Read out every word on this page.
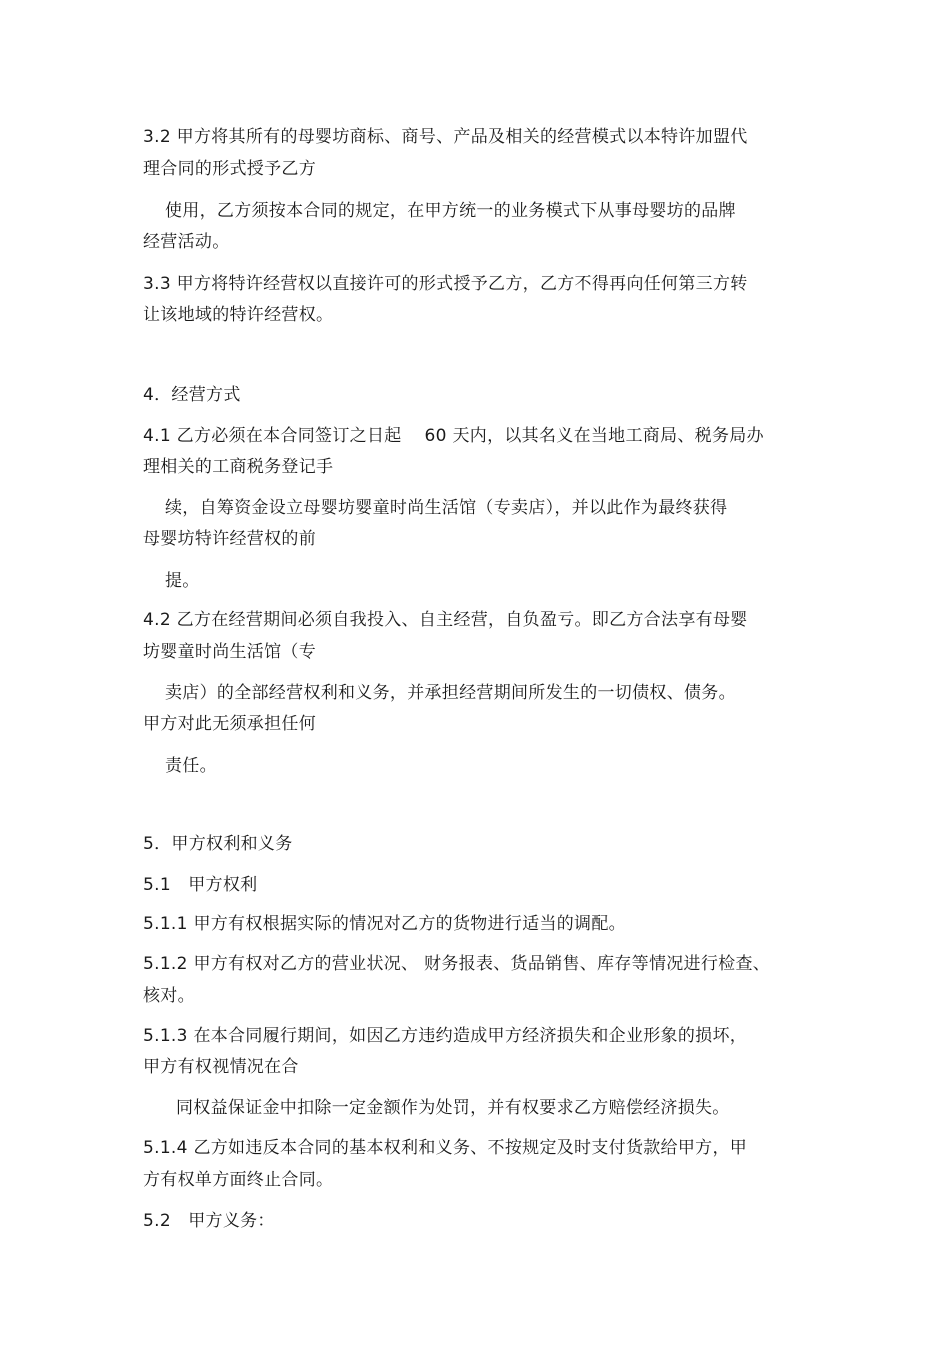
3.2 甲方将其所有的母婴坊商标、商号、产品及相关的经营模式以本特许加盟代
理合同的形式授予乙方
使用，乙方须按本合同的规定，在甲方统一的业务模式下从事母婴坊的品牌
经营活动。
3.3 甲方将特许经营权以直接许可的形式授予乙方，乙方不得再向任何第三方转
让该地域的特许经营权。
4．经营方式
4.1 乙方必须在本合同签订之日起　 60 天内，以其名义在当地工商局、税务局办
理相关的工商税务登记手
续，自筹资金设立母婴坊婴童时尚生活馆（专卖店），并以此作为最终获得
母婴坊特许经营权的前
提。
4.2 乙方在经营期间必须自我投入、自主经营，自负盈亏。即乙方合法享有母婴
坊婴童时尚生活馆（专
卖店）的全部经营权利和义务，并承担经营期间所发生的一切债权、债务。
甲方对此无须承担任何
责任。
5．甲方权利和义务
5.1　甲方权利
5.1.1 甲方有权根据实际的情况对乙方的货物进行适当的调配。
5.1.2 甲方有权对乙方的营业状况、 财务报表、货品销售、库存等情况进行检查、
核对。
5.1.3 在本合同履行期间，如因乙方违约造成甲方经济损失和企业形象的损坏，
甲方有权视情况在合
同权益保证金中扣除一定金额作为处罚，并有权要求乙方赔偿经济损失。
5.1.4 乙方如违反本合同的基本权利和义务、不按规定及时支付货款给甲方，甲
方有权单方面终止合同。
5.2　甲方义务：
